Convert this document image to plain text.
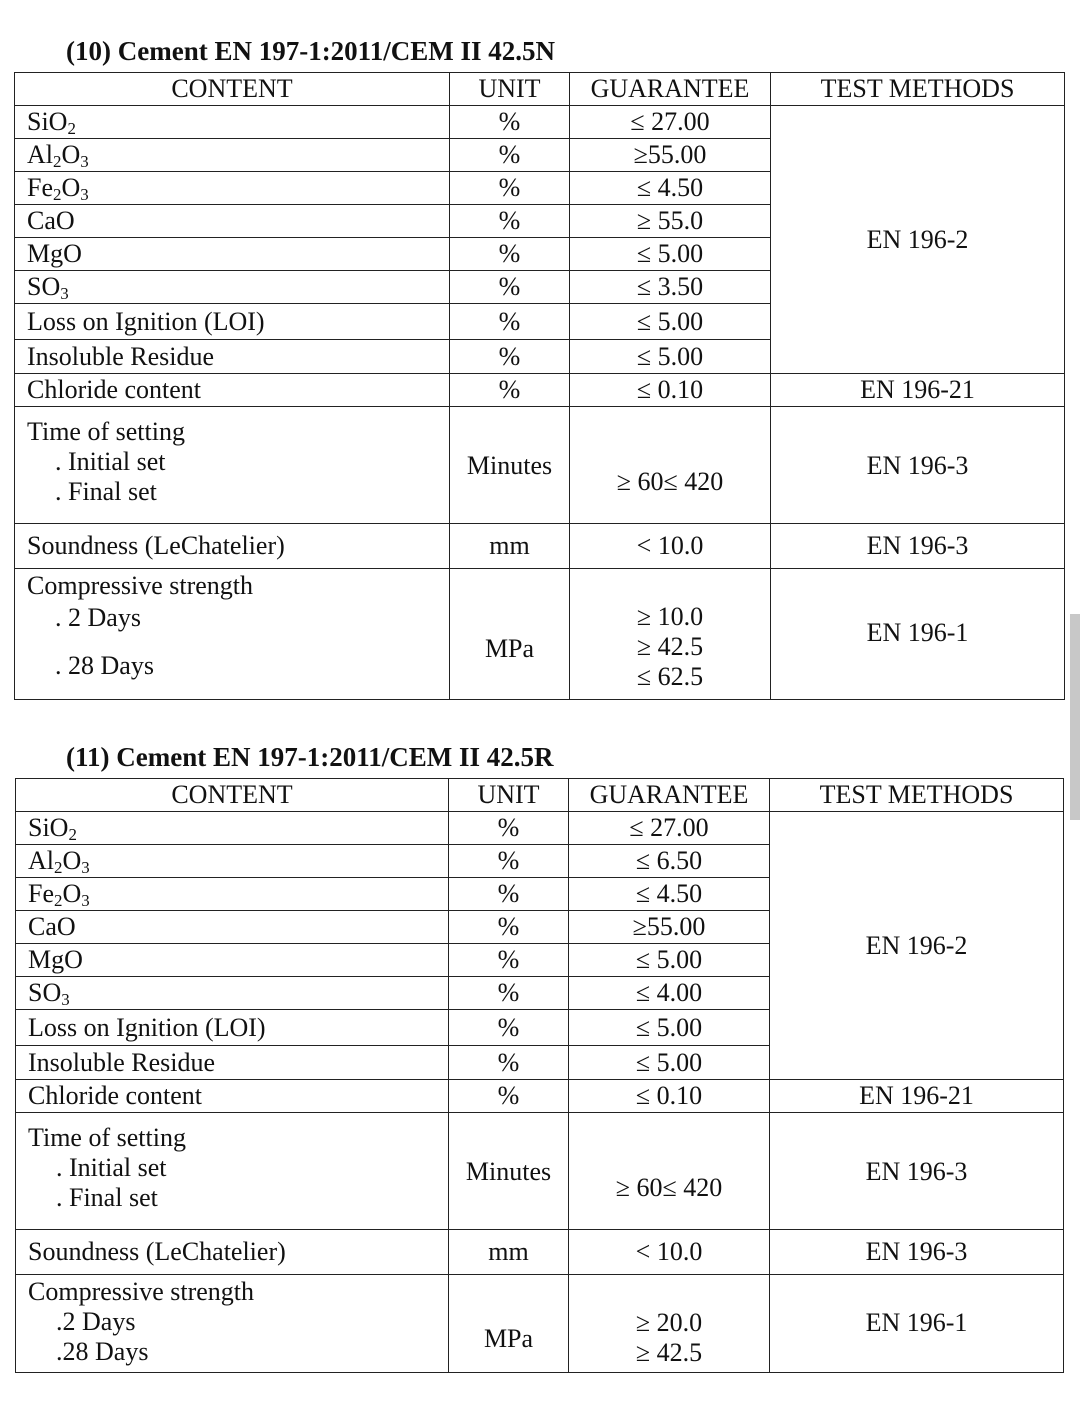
(10) Cement EN 197-1:2011/CEM II 42.5N
CONTENT	UNIT	GUARANTEE	TEST METHODS
SiO$_2$	%	≤ 27.00	EN 196-2
$Al_2O_3$	%	≥55.00	
$Fe_2O_3$	%	≤ 4.50	
CaO	%	≥ 55.0	
MgO	%	≤ 5.00	
$SO_3$	%	≤ 3.50	
Loss on Ignition (LOI)	%	≤ 5.00	
Insoluble Residue	%	≤ 5.00	
Chloride content	%	≤ 0.10	EN 196-21

Time of setting
. Initial set
. Final set	Minutes	≥ 60≤ 420	EN 196-3
Soundness (LeChatelier)	mm	< 10.0	EN 196-3

Compressive strength
. 2 Days
. 28 Days	MPa	≥ 10.0
≥ 42.5
≤ 62.5	EN 196-1
(11) Cement EN 197-1:2011/CEM II 42.5R
CONTENT	UNIT	GUARANTEE	TEST METHODS
SiO$_2$	%	≤ 27.00	EN 196-2
$Al_2O_3$	%	≤ 6.50	
$Fe_2O_3$	%	≤ 4.50	
CaO	%	≥55.00	
MgO	%	≤ 5.00	
$SO_3$	%	≤ 4.00	
Loss on Ignition (LOI)	%	≤ 5.00	
Insoluble Residue	%	≤ 5.00	
Chloride content	%	≤ 0.10	EN 196-21

Time of setting
. Initial set
. Final set	Minutes	≥ 60≤ 420	EN 196-3
Soundness (LeChatelier)	mm	< 10.0	EN 196-3

Compressive strength
.2 Days
.28 Days	MPa	≥ 20.0
≥ 42.5	EN 196-1
